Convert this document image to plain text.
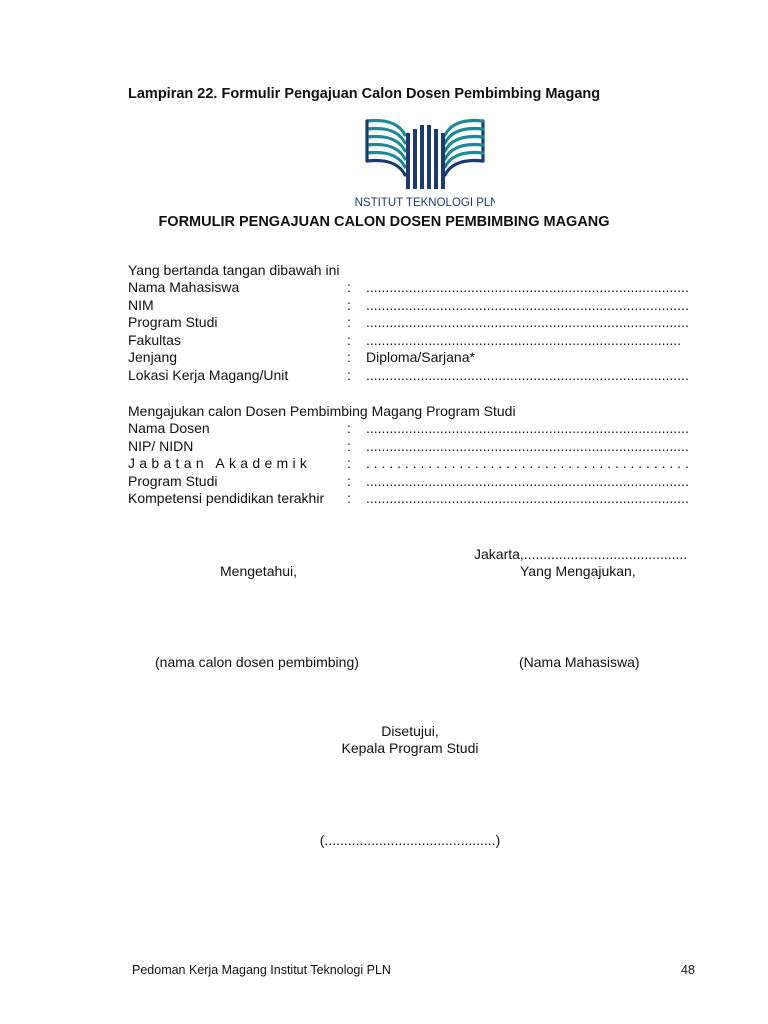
Lampiran 22. Formulir Pengajuan Calon Dosen Pembimbing Magang
INSTITUT TEKNOLOGI PLN
FORMULIR PENGAJUAN CALON DOSEN PEMBIMBING MAGANG
Yang bertanda tangan dibawah ini
Nama Mahasiswa	: ...................................................................................
NIM	: ...................................................................................
Program Studi	: ...................................................................................
Fakultas	: .................................................................................
Jenjang	: Diploma/Sarjana*
Lokasi Kerja Magang/Unit	: ...................................................................................
Mengajukan calon Dosen Pembimbing Magang Program Studi
Nama Dosen	: ...................................................................................
NIP/ NIDN	: ...................................................................................
Jabatan Akademik	: . . . . . . . . . . . . . . . . . . . . . . . . . . . . . . . . . . . . . . . . . .
Program Studi	: ...................................................................................
Kompetensi pendidikan terakhir : ...................................................................................
Jakarta,..........................................
Mengetahui,	Yang Mengajukan,
(nama calon dosen pembimbing)	(Nama Mahasiswa)
Disetujui,
Kepala Program Studi
(............................................)
Pedoman Kerja Magang Institut Teknologi PLN	48
